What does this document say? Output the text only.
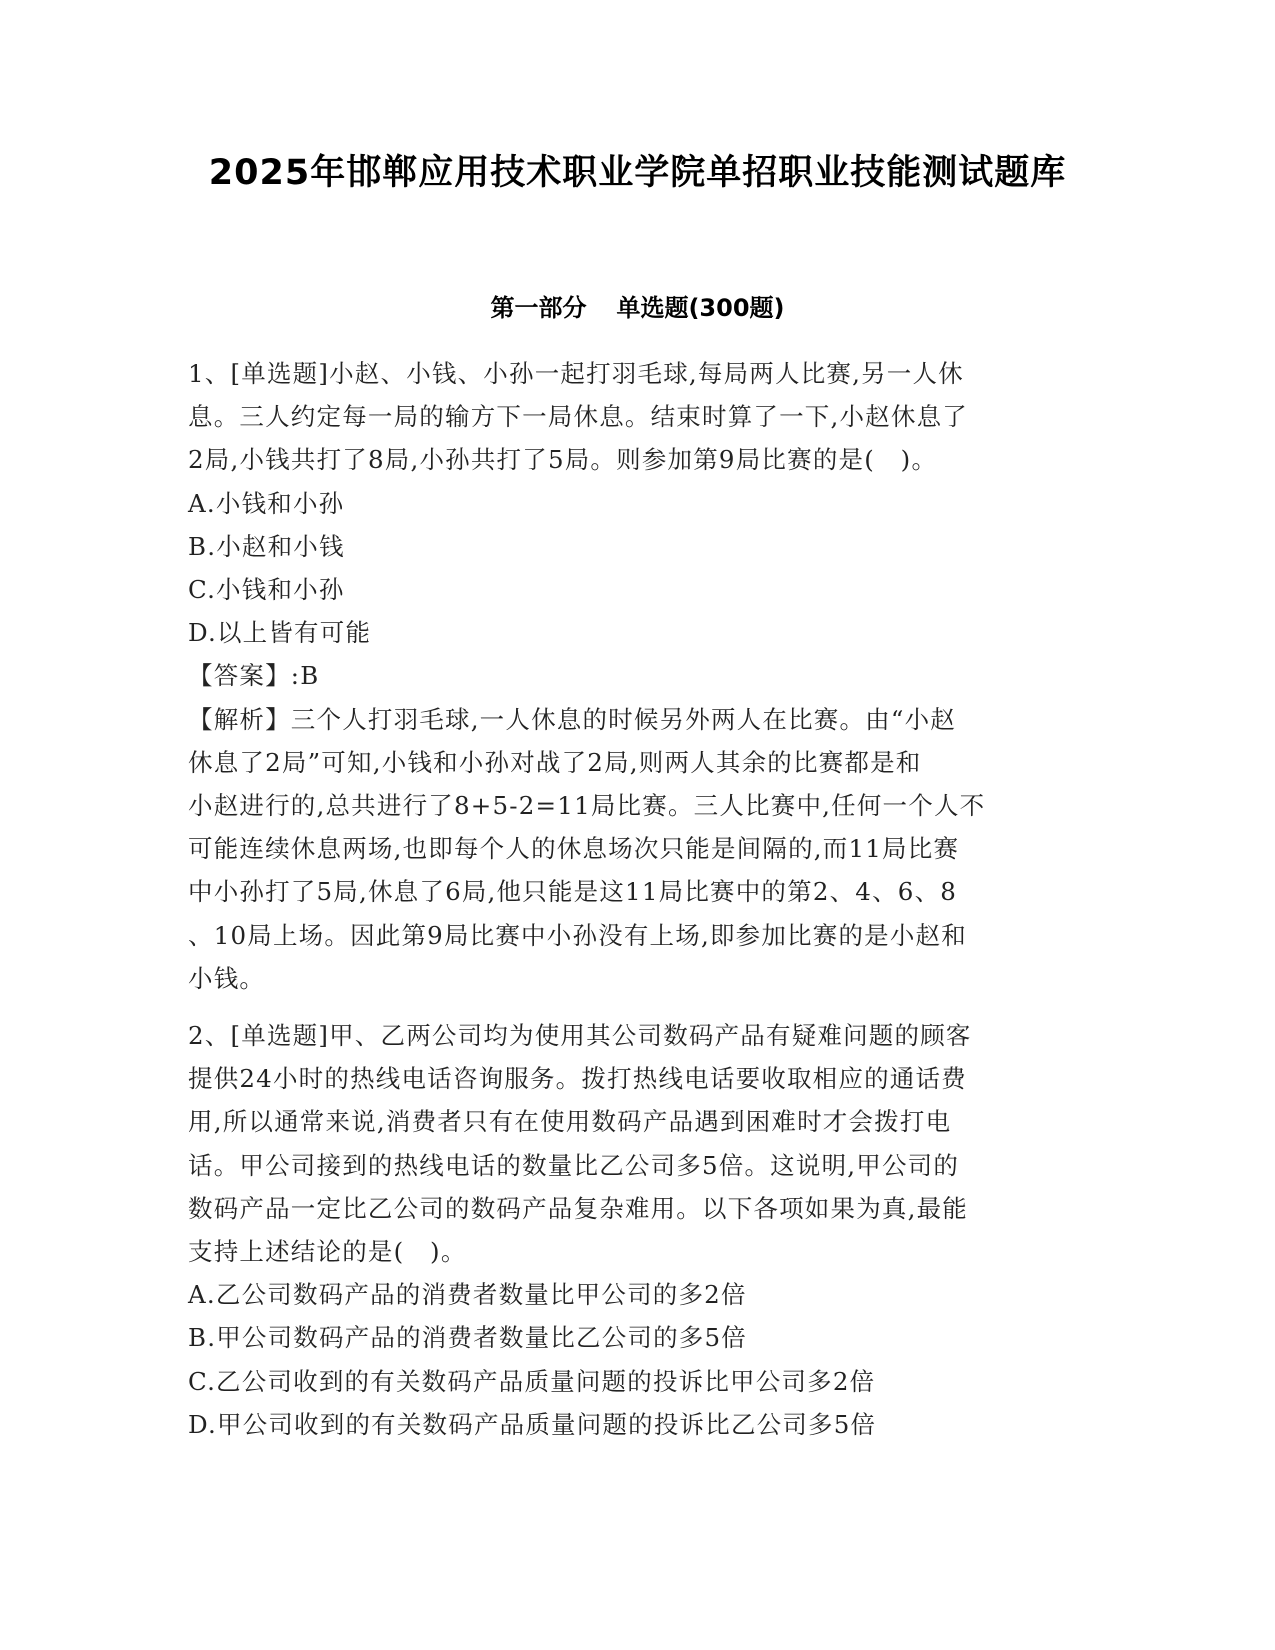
2025年邯郸应用技术职业学院单招职业技能测试题库
第一部分 单选题(300题)
1、[单选题]小赵、小钱、小孙一起打羽毛球,每局两人比赛,另一人休
息。三人约定每一局的输方下一局休息。结束时算了一下,小赵休息了
2局,小钱共打了8局,小孙共打了5局。则参加第9局比赛的是(　)。
A.小钱和小孙
B.小赵和小钱
C.小钱和小孙
D.以上皆有可能
【答案】:B
【解析】三个人打羽毛球,一人休息的时候另外两人在比赛。由“小赵
休息了2局”可知,小钱和小孙对战了2局,则两人其余的比赛都是和
小赵进行的,总共进行了8+5-2=11局比赛。三人比赛中,任何一个人不
可能连续休息两场,也即每个人的休息场次只能是间隔的,而11局比赛
中小孙打了5局,休息了6局,他只能是这11局比赛中的第2、4、6、8
、10局上场。因此第9局比赛中小孙没有上场,即参加比赛的是小赵和
小钱。
2、[单选题]甲、乙两公司均为使用其公司数码产品有疑难问题的顾客
提供24小时的热线电话咨询服务。拨打热线电话要收取相应的通话费
用,所以通常来说,消费者只有在使用数码产品遇到困难时才会拨打电
话。甲公司接到的热线电话的数量比乙公司多5倍。这说明,甲公司的
数码产品一定比乙公司的数码产品复杂难用。以下各项如果为真,最能
支持上述结论的是(　)。
A.乙公司数码产品的消费者数量比甲公司的多2倍
B.甲公司数码产品的消费者数量比乙公司的多5倍
C.乙公司收到的有关数码产品质量问题的投诉比甲公司多2倍
D.甲公司收到的有关数码产品质量问题的投诉比乙公司多5倍
